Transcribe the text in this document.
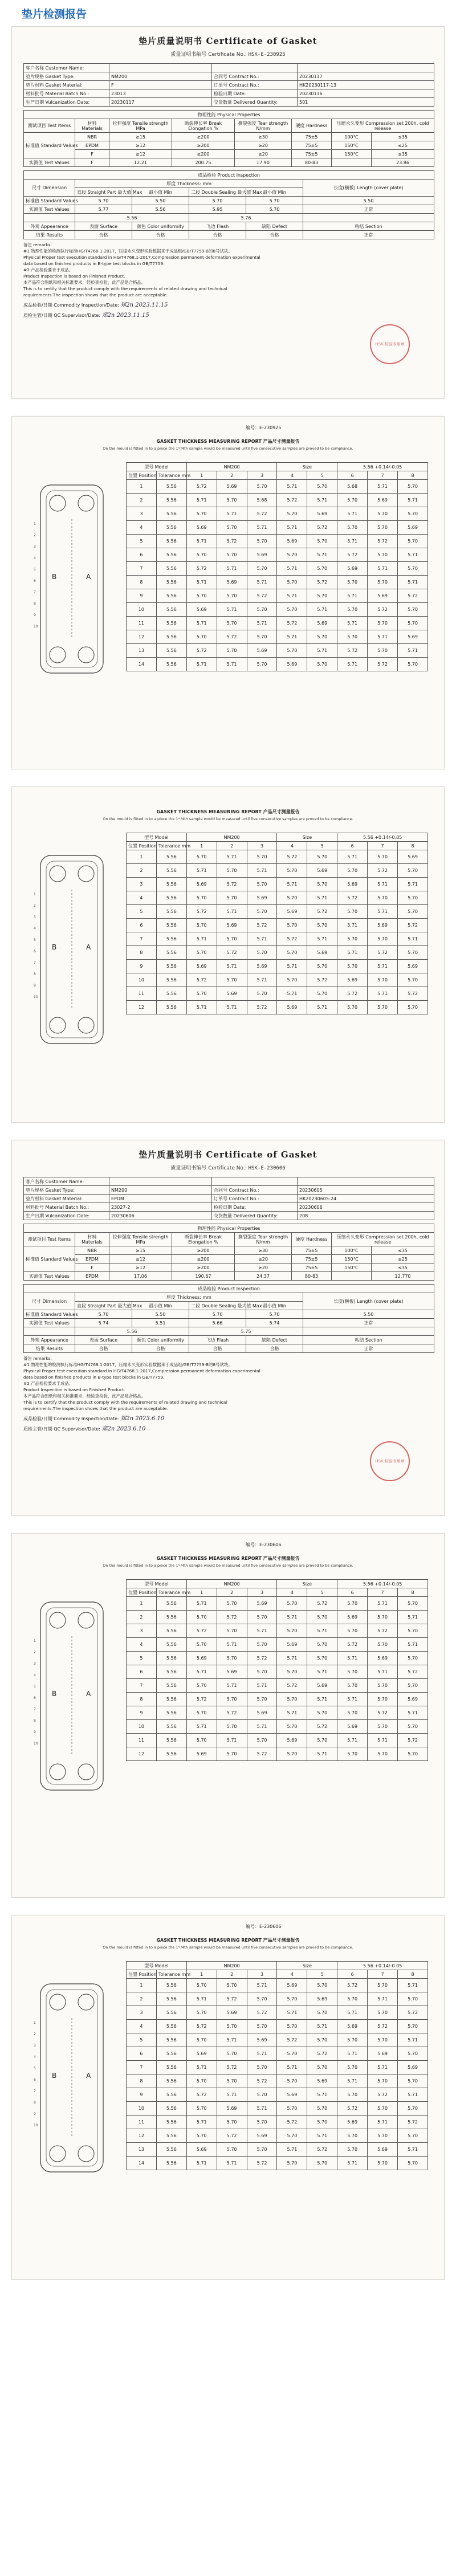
垫片检测报告
垫片质量说明书 Certificate of Gasket
质量证明书编号 Certificate No.: HSK-E-230925
客户名称 Customer Name:			
垫片规格 Gasket Type:	NM200	合同号 Contract No.:	20230117
垫片材料 Gasket Material:	F	订单号 Contract No.:	HK20230117-13
材料批号 Material Batch No.:	23013	检验日期 Date:	20230116
生产日期 Vulcanization Date:	20230117	交货数量 Delivered Quantity:	501
物理性能 Physical Properties							
测试项目 Test Items	材料 Materials	拉伸强度 Tensile strength MPa	断裂伸长率 Break Elongation %	撕裂强度 Tear strength N/mm	硬度 Hardness	压缩永久变形 Compression set 200h, cold release	
标准值 Standard Values	NBR	≥15	≥200	≥30	75±5	100℃	≤35
	EPDM	≥12	≥200	≥20	75±5	150℃	≤25
	F	≥12	≥200	≥20	75±5	150℃	≤35
实测值 Test Values	F	12.21	200.75	17.90	80-83		23.86
成品检验 Product Inspection					
尺寸 Dimension	厚度 Thickness: mm				长度(横板) Length (cover plate)
	直段 Straight Part 最大值 Max	最小值 Min	二段 Double Sealing 最大值 Max	最小值 Min	
标准值 Standard Values	5.70	5.50	5.70	5.70	5.50
实测值 Test Values	5.77	5.56	5.95	5.70	正常
	5.56		5.76		
外观 Appearance	表面 Surface	颜色 Color uniformity	飞边 Flash	缺陷 Defect	粘结 Section
结果 Results	合格	合格	合格	合格	正常
备注 remarks:
#1 物理性能的检测执行标准HG/T4768.1-2017，压缩永久变形实验数据来于成品组/GB/T7759-B的8号试块。
Physical Proper test execution standard in HG/T4768.1-2017,Compression permanent deformation experimental
data based on finished products in B-type test blocks in GB/T7759.
#2 产品检验要求于成品。
Product Inspection is based on Finished Product.
本产品符合图纸和相关标准要求，经检查检验，此产品是合格品。
This is to certify that the product comply with the requirements of related drawing and technical
requirements.The inspection shows that the product are acceptable.
成品检验/日期 Commodity Inspection/Date: 郑2n 2023.11.15
质检主管/日期 QC Supervisor/Date: 郑2n 2023.11.15
HSK 检验专用章
编号：E-230925
GASKET THICKNESS MEASURING REPORT 产品尺寸测量报告
On the mould is fitted in to a piece the 1ˢᵗ/4th sample would be measured until five consecutive samples are proved to be compliance.
A
B
1
2
3
4
5
6
7
8
9
10
型号 Model		NM200			Size		5.56 +0.14/-0.05		
位置 Position	Tolerance mm	1	2	3	4	5	6	7	8
1	5.56	5.72	5.69	5.70	5.71	5.70	5.68	5.71	5.70
2	5.56	5.71	5.70	5.68	5.72	5.71	5.70	5.69	5.71
3	5.56	5.70	5.71	5.72	5.70	5.69	5.71	5.70	5.70
4	5.56	5.69	5.70	5.71	5.71	5.72	5.70	5.70	5.69
5	5.56	5.71	5.72	5.70	5.69	5.70	5.71	5.72	5.70
6	5.56	5.70	5.70	5.69	5.70	5.71	5.72	5.70	5.71
7	5.56	5.72	5.71	5.70	5.71	5.70	5.69	5.71	5.70
8	5.56	5.71	5.69	5.71	5.70	5.72	5.70	5.70	5.71
9	5.56	5.70	5.70	5.72	5.71	5.70	5.71	5.69	5.72
10	5.56	5.69	5.71	5.70	5.70	5.71	5.70	5.72	5.70
11	5.56	5.71	5.70	5.71	5.72	5.69	5.71	5.70	5.70
12	5.56	5.70	5.72	5.70	5.71	5.70	5.70	5.71	5.69
13	5.56	5.72	5.70	5.69	5.70	5.71	5.72	5.70	5.71
14	5.56	5.71	5.71	5.70	5.69	5.70	5.71	5.72	5.70
GASKET THICKNESS MEASURING REPORT 产品尺寸测量报告
On the mould is fitted in to a piece the 1ˢᵗ/4th sample would be measured until five consecutive samples are proved to be compliance.
A
B
1
2
3
4
5
6
7
8
9
10
型号 Model		NM200			Size		5.56 +0.14/-0.05		
位置 Position	Tolerance mm	1	2	3	4	5	6	7	8
1	5.56	5.70	5.71	5.70	5.72	5.70	5.71	5.70	5.69
2	5.56	5.71	5.70	5.71	5.70	5.69	5.70	5.72	5.70
3	5.56	5.69	5.72	5.70	5.71	5.70	5.69	5.71	5.71
4	5.56	5.70	5.70	5.69	5.70	5.71	5.72	5.70	5.70
5	5.56	5.72	5.71	5.70	5.69	5.72	5.70	5.71	5.70
6	5.56	5.70	5.69	5.72	5.70	5.70	5.71	5.69	5.72
7	5.56	5.71	5.70	5.71	5.72	5.71	5.70	5.70	5.71
8	5.56	5.70	5.72	5.70	5.70	5.69	5.71	5.72	5.70
9	5.56	5.69	5.71	5.69	5.71	5.70	5.70	5.71	5.69
10	5.56	5.72	5.70	5.71	5.70	5.72	5.69	5.70	5.70
11	5.56	5.70	5.69	5.70	5.71	5.70	5.72	5.71	5.72
12	5.56	5.71	5.71	5.72	5.69	5.71	5.70	5.70	5.70
垫片质量说明书 Certificate of Gasket
质量证明书编号 Certificate No.: HSK-E-230606
客户名称 Customer Name:			
垫片规格 Gasket Type:	NM200	合同号 Contract No.:	20230605
垫片材料 Gasket Material:	EPDM	订单号 Contract No.:	HK20230605-24
材料批号 Material Batch No.:	23027-2	检验日期 Date:	20230606
生产日期 Vulcanization Date:	20230606	交货数量 Delivered Quantity:	208
物理性能 Physical Properties							
测试项目 Test Items	材料 Materials	拉伸强度 Tensile strength MPa	断裂伸长率 Break Elongation %	撕裂强度 Tear strength N/mm	硬度 Hardness	压缩永久变形 Compression set 200h, cold release	
标准值 Standard Values	NBR	≥15	≥200	≥30	75±5	100℃	≤35
	EPDM	≥12	≥200	≥20	75±5	150℃	≤25
	F	≥12	≥200	≥20	75±5	150℃	≤35
实测值 Test Values	EPDM	17.06	190.67	24.37	80-83		12.770
成品检验 Product Inspection					
尺寸 Dimension	厚度 Thickness: mm				长度(横板) Length (cover plate)
	直段 Straight Part 最大值 Max	最小值 Min	二段 Double Sealing 最大值 Max	最小值 Min	
标准值 Standard Values	5.70	5.50	5.70	5.70	5.50
实测值 Test Values	5.74	5.51	5.66	5.74	正常
	5.56		5.75		
外观 Appearance	表面 Surface	颜色 Color uniformity	飞边 Flash	缺陷 Defect	粘结 Section
结果 Results	合格	合格	合格	合格	正常
备注 remarks:
#1 物理性能的检测执行标准HG/T4768.1-2017，压缩永久变形实验数据来于成品组/GB/T7759-B的8号试块。
Physical Proper test execution standard in HG/T4768.1-2017,Compression permanent deformation experimental
data based on finished products in B-type test blocks in GB/T7759.
#2 产品检验要求于成品。
Product Inspection is based on Finished Product.
本产品符合图纸和相关标准要求，经检查检验，此产品是合格品。
This is to certify that the product comply with the requirements of related drawing and technical
requirements.The inspection shows that the product are acceptable.
成品检验/日期 Commodity Inspection/Date: 郑2n 2023.6.10
质检主管/日期 QC Supervisor/Date: 郑2n 2023.6.10
HSK 检验专用章
编号：E-230606
GASKET THICKNESS MEASURING REPORT 产品尺寸测量报告
On the mould is fitted in to a piece the 1ˢᵗ/4th sample would be measured until five consecutive samples are proved to be compliance.
A
B
1
2
3
4
5
6
7
8
9
10
型号 Model		NM200			Size		5.56 +0.14/-0.05		
位置 Position	Tolerance mm	1	2	3	4	5	6	7	8
1	5.56	5.71	5.70	5.69	5.70	5.72	5.70	5.71	5.70
2	5.56	5.70	5.72	5.70	5.71	5.70	5.69	5.70	5.71
3	5.56	5.72	5.70	5.71	5.70	5.71	5.70	5.72	5.70
4	5.56	5.70	5.71	5.70	5.69	5.70	5.72	5.70	5.71
5	5.56	5.69	5.70	5.72	5.71	5.70	5.71	5.69	5.70
6	5.56	5.71	5.69	5.70	5.70	5.71	5.70	5.71	5.72
7	5.56	5.70	5.71	5.71	5.72	5.69	5.70	5.70	5.70
8	5.56	5.72	5.70	5.70	5.70	5.71	5.71	5.70	5.69
9	5.56	5.70	5.72	5.69	5.71	5.70	5.70	5.72	5.71
10	5.56	5.71	5.70	5.71	5.70	5.72	5.69	5.70	5.70
11	5.56	5.70	5.71	5.70	5.69	5.70	5.71	5.71	5.72
12	5.56	5.69	5.70	5.72	5.70	5.71	5.70	5.70	5.70
编号：E-230606
GASKET THICKNESS MEASURING REPORT 产品尺寸测量报告
On the mould is fitted in to a piece the 1ˢᵗ/4th sample would be measured until five consecutive samples are proved to be compliance.
A
B
1
2
3
4
5
6
7
8
9
10
型号 Model		NM200			Size		5.56 +0.14/-0.05		
位置 Position	Tolerance mm	1	2	3	4	5	6	7	8
1	5.56	5.70	5.70	5.71	5.69	5.70	5.72	5.70	5.71
2	5.56	5.71	5.72	5.70	5.70	5.69	5.70	5.71	5.70
3	5.56	5.70	5.69	5.72	5.71	5.70	5.71	5.70	5.72
4	5.56	5.72	5.70	5.70	5.70	5.71	5.69	5.72	5.70
5	5.56	5.70	5.71	5.69	5.72	5.70	5.70	5.70	5.71
6	5.56	5.69	5.70	5.71	5.70	5.72	5.71	5.69	5.70
7	5.56	5.71	5.72	5.70	5.71	5.70	5.70	5.71	5.69
8	5.56	5.70	5.70	5.72	5.70	5.69	5.71	5.70	5.70
9	5.56	5.72	5.71	5.70	5.69	5.71	5.70	5.72	5.71
10	5.56	5.70	5.69	5.71	5.70	5.70	5.72	5.70	5.70
11	5.56	5.71	5.70	5.70	5.72	5.70	5.69	5.71	5.72
12	5.56	5.70	5.72	5.69	5.70	5.71	5.70	5.70	5.70
13	5.56	5.69	5.70	5.70	5.71	5.72	5.70	5.69	5.71
14	5.56	5.71	5.71	5.72	5.70	5.70	5.71	5.70	5.70
